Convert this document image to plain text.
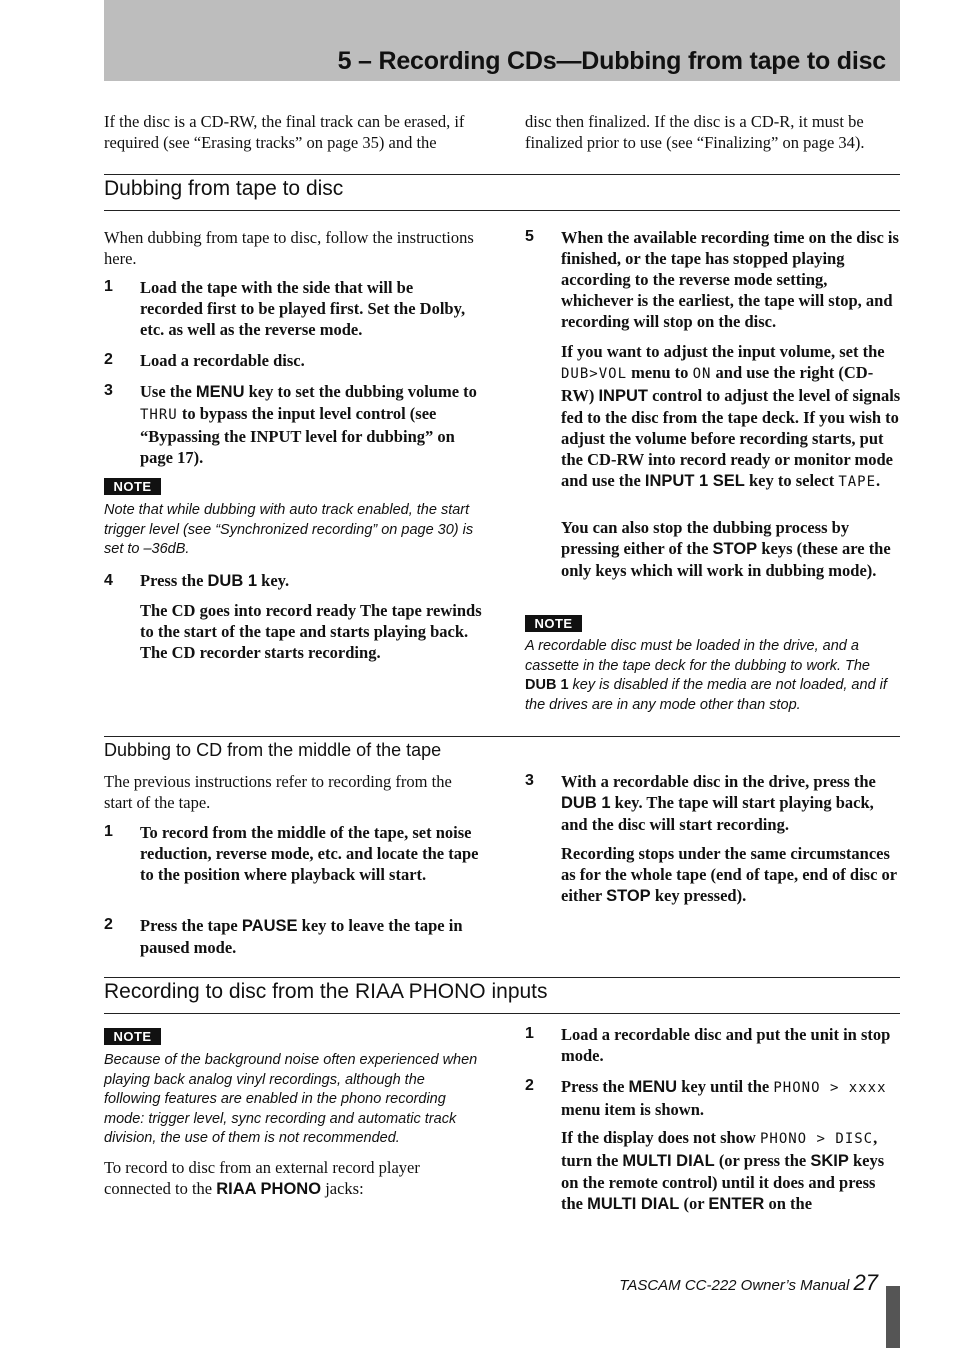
5 – Recording CDs—Dubbing from tape to disc

If the disc is a CD-RW, the final track can be erased, if required (see “Erasing tracks” on page 35) and the

disc then finalized. If the disc is a CD-R, it must be finalized prior to use (see “Finalizing” on page 34).

Dubbing from tape to disc

When dubbing from tape to disc, follow the instructions here.

1 Load the tape with the side that will be recorded first to be played first. Set the Dolby, etc. as well as the reverse mode.

2 Load a recordable disc.

3 Use the MENU key to set the dubbing volume to THRU to bypass the input level control (see “Bypassing the INPUT level for dubbing” on page 17).

NOTE

Note that while dubbing with auto track enabled, the start trigger level (see “Synchronized recording” on page 30) is set to –36dB.

4 Press the DUB 1 key.

The CD goes into record ready The tape rewinds to the start of the tape and starts playing back. The CD recorder starts recording.

5 When the available recording time on the disc is finished, or the tape has stopped playing according to the reverse mode setting, whichever is the earliest, the tape will stop, and recording will stop on the disc.

If you want to adjust the input volume, set the DUB>VOL menu to ON and use the right (CD-RW) INPUT control to adjust the level of signals fed to the disc from the tape deck. If you wish to adjust the volume before recording starts, put the CD-RW into record ready or monitor mode and use the INPUT 1 SEL key to select TAPE.

You can also stop the dubbing process by pressing either of the STOP keys (these are the only keys which will work in dubbing mode).

NOTE

A recordable disc must be loaded in the drive, and a cassette in the tape deck for the dubbing to work. The DUB 1 key is disabled if the media are not loaded, and if the drives are in any mode other than stop.

Dubbing to CD from the middle of the tape

The previous instructions refer to recording from the start of the tape.

1 To record from the middle of the tape, set noise reduction, reverse mode, etc. and locate the tape to the position where playback will start.

2 Press the tape PAUSE key to leave the tape in paused mode.

3 With a recordable disc in the drive, press the DUB 1 key. The tape will start playing back, and the disc will start recording.

Recording stops under the same circumstances as for the whole tape (end of tape, end of disc or either STOP key pressed).

Recording to disc from the RIAA PHONO inputs
NOTE

Because of the background noise often experienced when playing back analog vinyl recordings, although the following features are enabled in the phono recording mode: trigger level, sync recording and automatic track division, the use of them is not recommended.

To record to disc from an external record player connected to the RIAA PHONO jacks:

1 Load a recordable disc and put the unit in stop mode.

2 Press the MENU key until the PHONO > xxxx menu item is shown.

If the display does not show PHONO > DISC, turn the MULTI DIAL (or press the SKIP keys on the remote control) until it does and press the MULTI DIAL (or ENTER on the

TASCAM CC-222 Owner’s Manual 27
